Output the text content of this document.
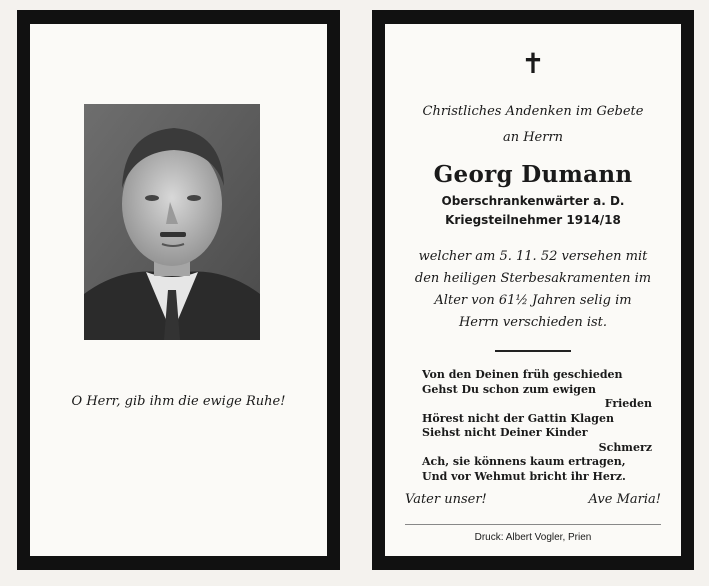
O Herr, gib ihm die ewige Ruhe!
✝
Christliches Andenken im Gebete
an Herrn
Georg Dumann
Oberschrankenwärter a. D.
Kriegsteilnehmer 1914/18
welcher am 5. 11. 52 versehen mit
den heiligen Sterbesakramenten im
Alter von 61½ Jahren selig im
Herrn verschieden ist.
Von den Deinen früh geschieden
Gehst Du schon zum ewigen
Frieden
Hörest nicht der Gattin Klagen
Siehst nicht Deiner Kinder
Schmerz
Ach, sie könnens kaum ertragen,
Und vor Wehmut bricht ihr Herz.
Vater unser!	Ave Maria!
Druck: Albert Vogler, Prien
